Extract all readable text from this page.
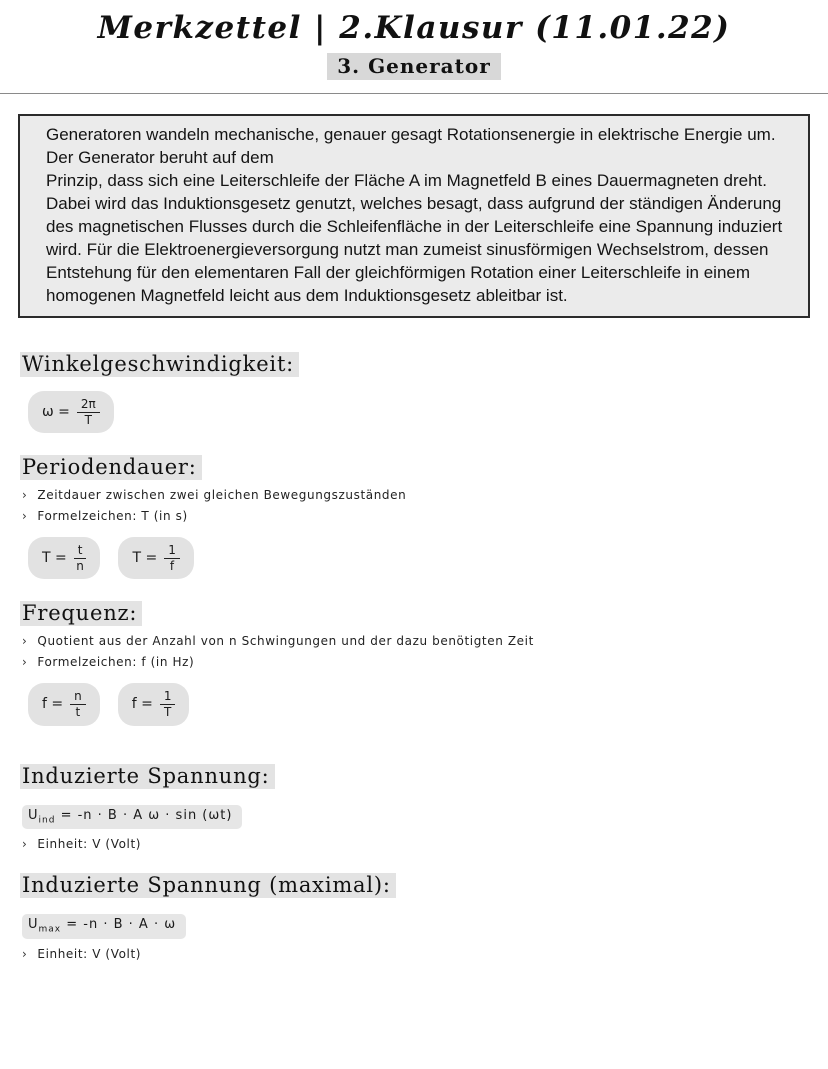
Merkzettel | 2.Klausur (11.01.22)
3. Generator

Generatoren wandeln mechanische, genauer gesagt Rotationsenergie in elektrische Energie um. Der Generator beruht auf dem

Prinzip, dass sich eine Leiterschleife der Fläche A im Magnetfeld B eines Dauermagneten dreht. Dabei wird das Induktionsgesetz genutzt, welches besagt, dass aufgrund der ständigen Änderung des magnetischen Flusses durch die Schleifenfläche in der Leiterschleife eine Spannung induziert wird. Für die Elektroenergieversorgung nutzt man zumeist sinusförmigen Wechselstrom, dessen Entstehung für den elementaren Fall der gleichförmigen Rotation einer Leiterschleife in einem homogenen Magnetfeld leicht aus dem Induktionsgesetz ableitbar ist.

Winkelgeschwindigkeit:
$\omega = \frac{2\pi}{T}$
Periodendauer:
› Zeitdauer zwischen zwei gleichen Bewegungszuständen
› Formelzeichen: T (in s)
$T = \frac{t}{n}$	$T = \frac{1}{f}$
Frequenz:
› Quotient aus der Anzahl von n Schwingungen und der dazu benötigten Zeit
› Formelzeichen: f (in Hz)
$f = \frac{n}{t}$	$f = \frac{1}{T}$
Induzierte Spannung:
$U_{ind} = -n \cdot B \cdot A$ ω · sin (ωt)
› Einheit: V (Volt)
Induzierte Spannung (maximal):
$U_{max} = -n \cdot B \cdot A \cdot \omega$
› Einheit: V (Volt)
